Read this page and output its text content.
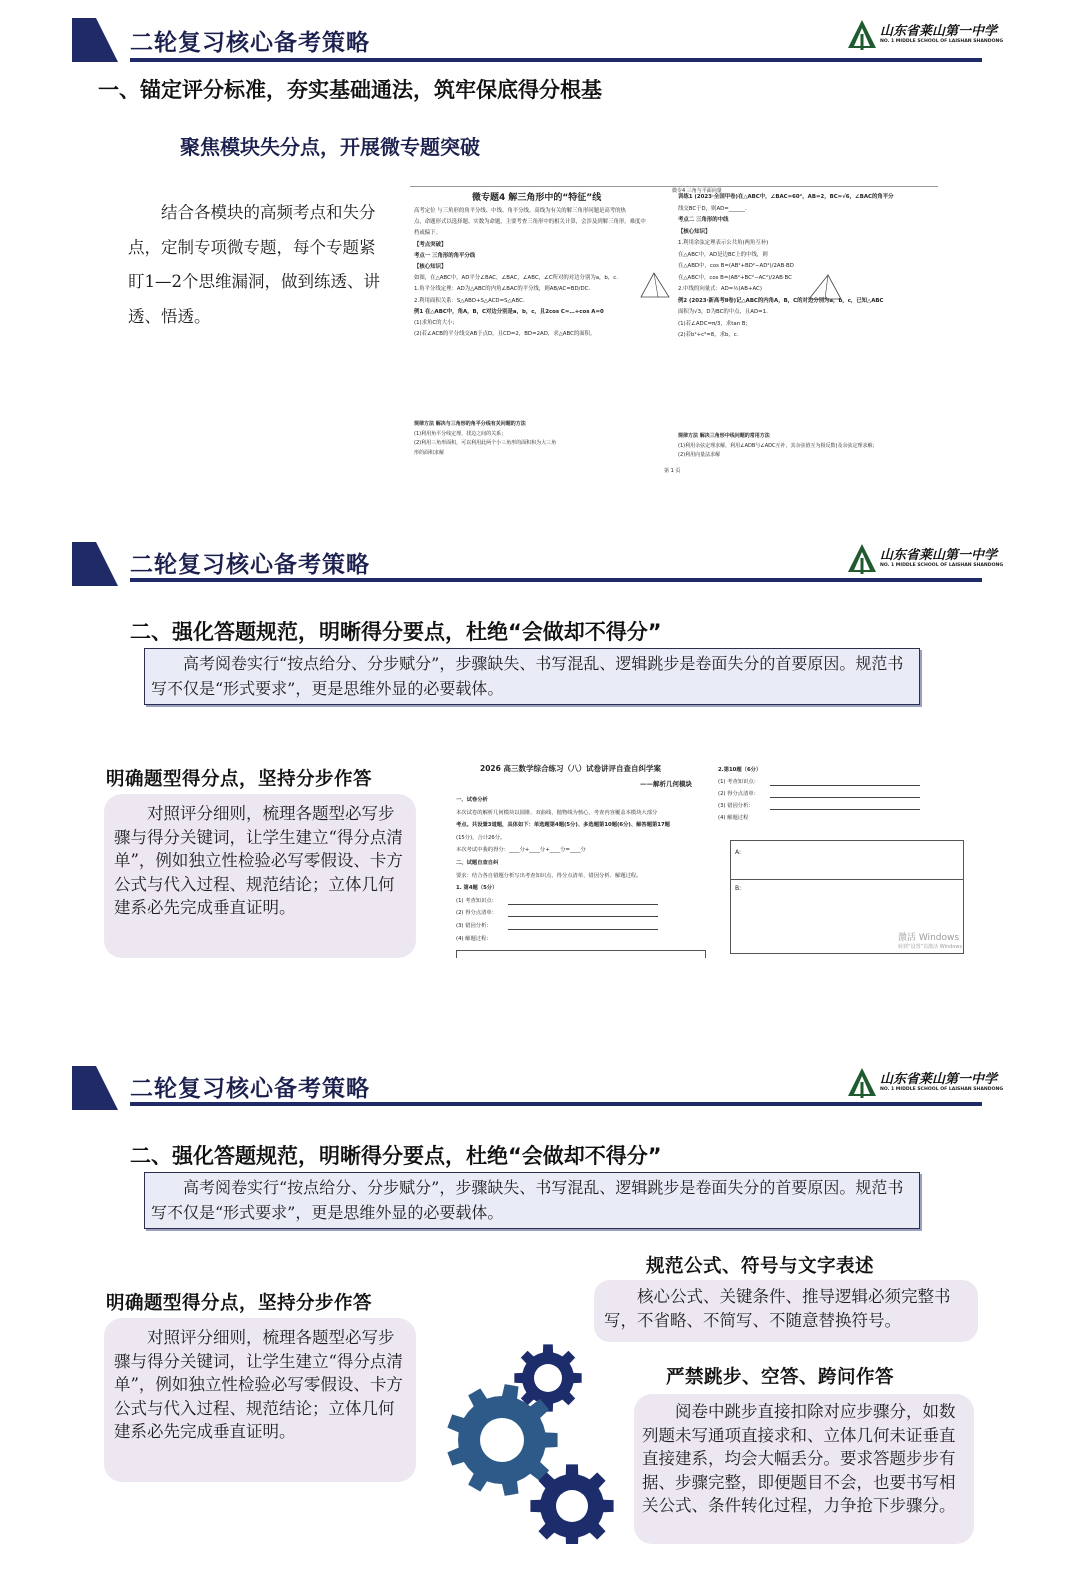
二轮复习核心备考策略	山东省莱山第一中学
NO. 1 MIDDLE SCHOOL OF LAISHAN SHANDONG
一、锚定评分标准，夯实基础通法，筑牢保底得分根基
聚焦模块失分点，开展微专题突破
结合各模块的高频考点和失分点，定制专项微专题，每个专题紧盯1—2个思维漏洞，做到练透、讲透、悟透。
微专题4 解三角形中的“特征”线
微专4 三角与平面向量
高考定位 与三角形的角平分线、中线、角平分线、高线为有关的解三角形问题是高考的热
点，命题形式以选择题、实数为命题，主要考查三角形中的相关计算，会涉及到解三角形。难度中
档或偏下。
【考点突破】
考点一 三角形的角平分线
【核心知识】
如图，在△ABC中，AD平分∠BAC，∠BAC，∠ABC，∠C所对的对边分别为a，b，c.
1.角平分线定理：AD为△ABC的内角∠BAC的平分线，则AB/AC=BD/DC.
2.利用面积关系：S△ABD+S△ACD=S△ABC.
例1 在△ABC中，角A，B，C对边分别是a，b，c，且2cos C=…+cos A=0
(1)求角C的大小；
(2)若∠ACB的平分线交AB于点D，且CD=2，BD=2AD，求△ABC的面积。
训练1 (2023·全国甲卷)在△ABC中，∠BAC=60°，AB=2，BC=√6，∠BAC的角平分
线交BC于D，则AD=______.
考点二 三角形的中线
【核心知识】
1.利用余弦定理表示公共角(两角互补)
在△ABC中，AD是边BC上的中线，则
在△ABD中，cos B=(AB²+BD²−AD²)/2AB·BD
在△ABC中，cos B=(AB²+BC²−AC²)/2AB·BC
2.中线的向量式：AD=½(AB+AC)
例2 (2023·新高考Ⅱ卷)记△ABC的内角A，B，C的对边分别为a，b，c，已知△ABC
面积为√3，D为BC的中点，且AD=1.
(1)若∠ADC=π/3，求tan B;
(2)若b²+c²=8，求b，c.
规律方法 解决与三角形的角平分线有关问题的方法
(1)利用角平分线定理，找边之间的关系；
(2)利用三角形面积，可以利用此两个小三角形的面积和为大三角
形的面积求解
规律方法 解决三角形中线问题的常用方法
(1)利用余弦定理求解，利用∠ADB与∠ADC互补，其余弦值互为相反数)及余弦定理求解；
(2)利用向量法求解
第 1 页
二轮复习核心备考策略	山东省莱山第一中学
NO. 1 MIDDLE SCHOOL OF LAISHAN SHANDONG
二、强化答题规范，明晰得分要点，杜绝“会做却不得分”
高考阅卷实行“按点给分、分步赋分”，步骤缺失、书写混乱、逻辑跳步是卷面失分的首要原因。规范书写不仅是“形式要求”，更是思维外显的必要载体。
明确题型得分点，坚持分步作答
对照评分细则，梳理各题型必写步骤与得分关键词，让学生建立“得分点清单”，例如独立性检验必写零假设、卡方公式与代入过程、规范结论；立体几何建系必先完成垂直证明。
2026 高三数学综合练习（八）试卷讲评自查自纠学案
——解析几何模块
一、试卷分析
本次试卷的解析几何模块以圆锥、双曲线、抛物线为核心，考查内容覆盖本模块大部分
考点。共设置3道题，具体如下：单选题第4题(5分)、多选题第10题(6分)、解答题第17题
(15分)，合计26分。
本次考试中我的得分：____分+____分+____分=____分
二、试题自查自纠
要求：结合各自错题分析写出考查知识点、得分点清单、错因分析、解题过程。
1. 第4题（5分）
(1) 考查知识点：
(2) 得分点清单：
(3) 错因分析：
(4) 解题过程：
2.第10题（6分）
(1) 考查知识点：
(2) 得分点清单：
(3) 错因分析：
(4) 解题过程
A:
B:
激活 Windows
转到“设置”以激活 Windows。
二轮复习核心备考策略	山东省莱山第一中学
NO. 1 MIDDLE SCHOOL OF LAISHAN SHANDONG
二、强化答题规范，明晰得分要点，杜绝“会做却不得分”
高考阅卷实行“按点给分、分步赋分”，步骤缺失、书写混乱、逻辑跳步是卷面失分的首要原因。规范书写不仅是“形式要求”，更是思维外显的必要载体。
明确题型得分点，坚持分步作答
对照评分细则，梳理各题型必写步骤与得分关键词，让学生建立“得分点清单”，例如独立性检验必写零假设、卡方公式与代入过程、规范结论；立体几何建系必先完成垂直证明。
规范公式、符号与文字表述
核心公式、关键条件、推导逻辑必须完整书写，不省略、不简写、不随意替换符号。
严禁跳步、空答、跨问作答
阅卷中跳步直接扣除对应步骤分，如数列题未写通项直接求和、立体几何未证垂直直接建系，均会大幅丢分。要求答题步步有据、步骤完整，即便题目不会，也要书写相关公式、条件转化过程，力争抢下步骤分。
